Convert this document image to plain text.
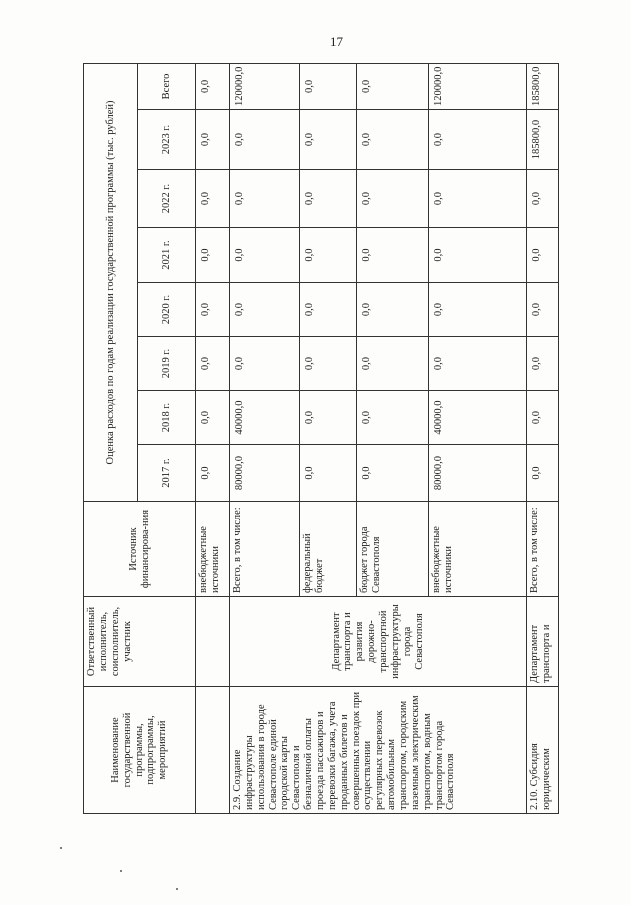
17
Наименование государственной программы, подпрограммы, мероприятий	Ответственный исполнитель, соисполнитель, участник	Источник финансирова-ния	Оценка расходов по годам реализации государственной программы (тыс. рублей)							
			2017 г.	2018 г.	2019 г.	2020 г.	2021 г.	2022 г.	2023 г.	Всего
		внебюджетные источники	0,0	0,0	0,0	0,0	0,0	0,0	0,0	0,0
2.9. Создание инфраструктуры использования в городе Севастополе единой городской карты Севастополя и безналичной оплаты проезда пассажиров и перевозки багажа, учета проданных билетов и совершенных поездок при осуществлении регулярных перевозок автомобильным транспортом, городским наземным электрическим транспортом, водным транспортом города Севастополя	Департамент транспорта и развития дорожно-транспортной инфраструктуры города Севастополя	Всего, в том числе:	80000,0	40000,0	0,0	0,0	0,0	0,0	0,0	120000,0
		федеральный бюджет	0,0	0,0	0,0	0,0	0,0	0,0	0,0	0,0
		бюджет города Севастополя	0,0	0,0	0,0	0,0	0,0	0,0	0,0	0,0
		внебюджетные источники	80000,0	40000,0	0,0	0,0	0,0	0,0	0,0	120000,0
2.10. Субсидия юридическим	Департамент транспорта и	Всего, в том числе:	0,0	0,0	0,0	0,0	0,0	0,0	185800,0	185800,0
